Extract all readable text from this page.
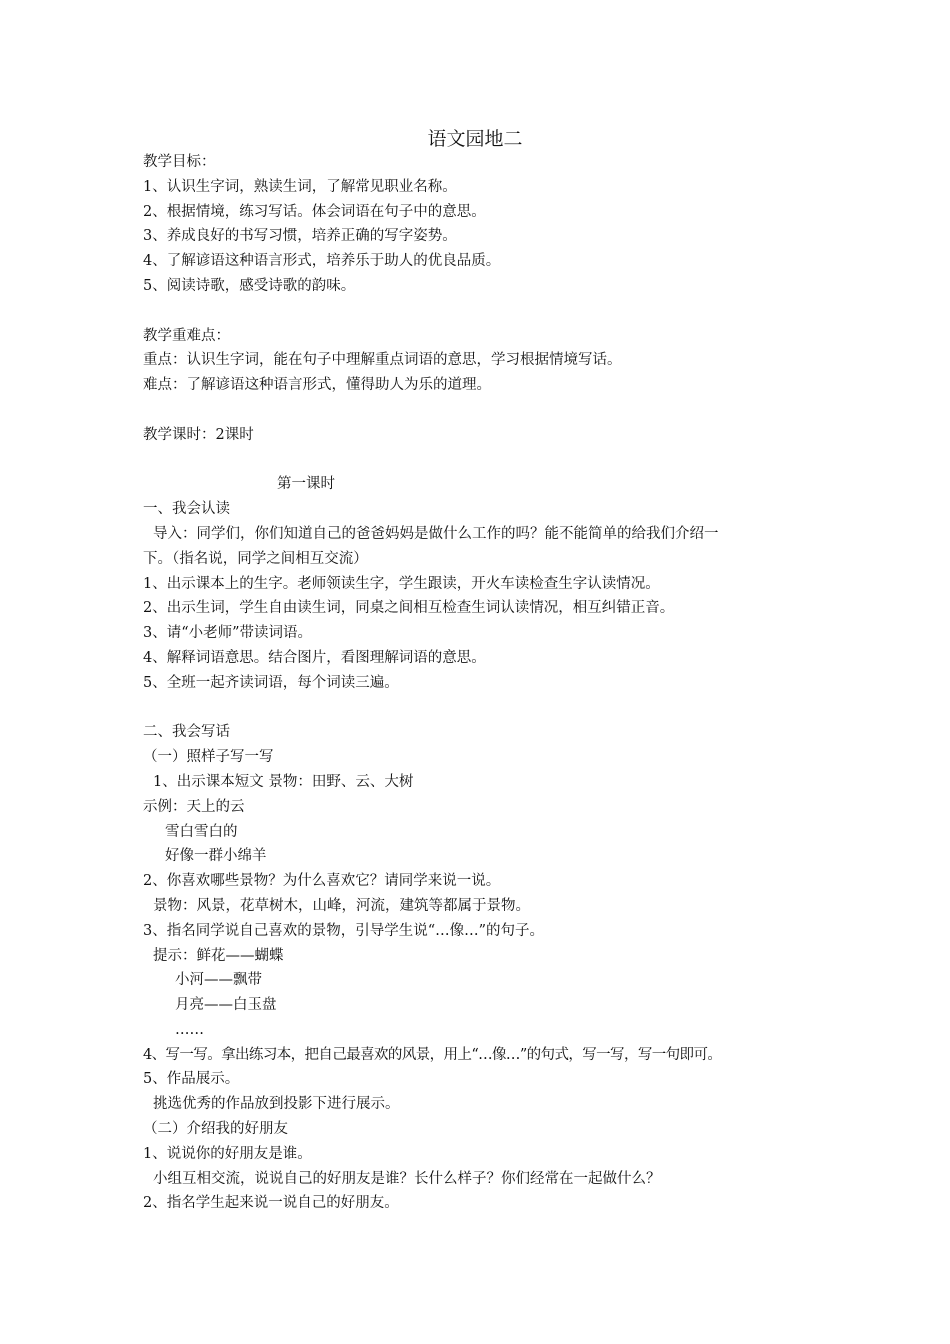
语文园地二
教学目标：
1、认识生字词，熟读生词，了解常见职业名称。
2、根据情境，练习写话。体会词语在句子中的意思。
3、养成良好的书写习惯，培养正确的写字姿势。
4、了解谚语这种语言形式，培养乐于助人的优良品质。
5、阅读诗歌，感受诗歌的韵味。
教学重难点：
重点：认识生字词，能在句子中理解重点词语的意思，学习根据情境写话。
难点：了解谚语这种语言形式，懂得助人为乐的道理。
教学课时：2课时
第一课时
一、我会认读
导入：同学们，你们知道自己的爸爸妈妈是做什么工作的吗？能不能简单的给我们介绍一
下。（指名说，同学之间相互交流）
1、出示课本上的生字。老师领读生字，学生跟读，开火车读检查生字认读情况。
2、出示生词，学生自由读生词，同桌之间相互检查生词认读情况，相互纠错正音。
3、请“小老师”带读词语。
4、解释词语意思。结合图片，看图理解词语的意思。
5、全班一起齐读词语，每个词读三遍。
二、我会写话
（一）照样子写一写
1、出示课本短文 景物：田野、云、大树
示例：天上的云
雪白雪白的
好像一群小绵羊
2、你喜欢哪些景物？为什么喜欢它？请同学来说一说。
景物：风景，花草树木，山峰，河流，建筑等都属于景物。
3、指名同学说自己喜欢的景物，引导学生说“…像…”的句子。
提示：鲜花——蝴蝶
小河——飘带
月亮——白玉盘
……
4、写一写。拿出练习本，把自己最喜欢的风景，用上“…像…”的句式，写一写，写一句即可。
5、作品展示。
挑选优秀的作品放到投影下进行展示。
（二）介绍我的好朋友
1、说说你的好朋友是谁。
小组互相交流，说说自己的好朋友是谁？长什么样子？你们经常在一起做什么？
2、指名学生起来说一说自己的好朋友。
